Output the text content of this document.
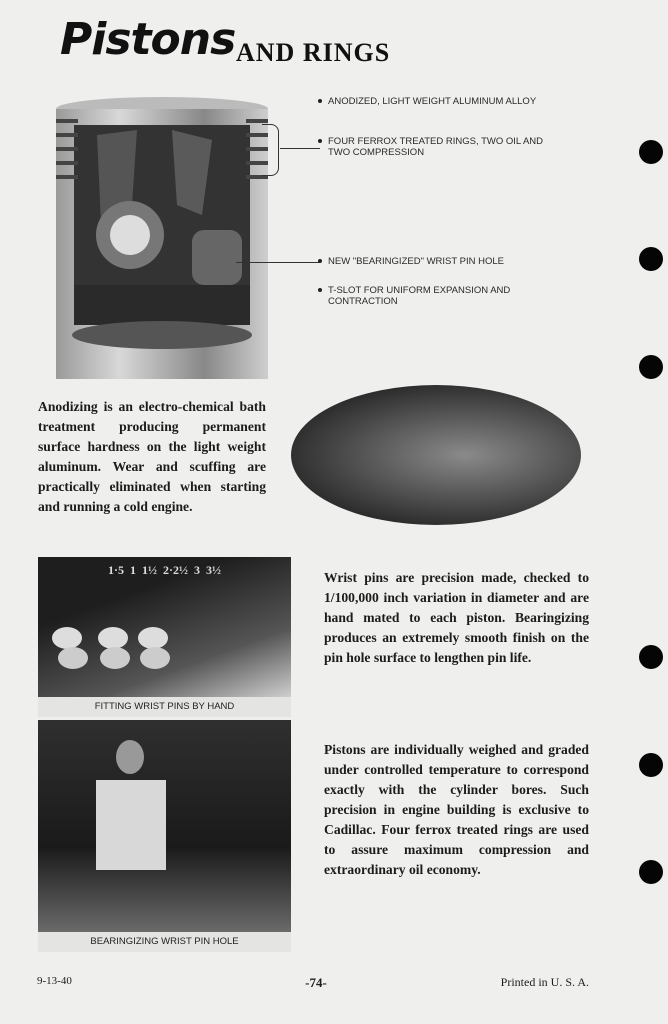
Pistons AND RINGS
ANODIZED, LIGHT WEIGHT ALUMINUM ALLOY
FOUR FERROX TREATED RINGS, TWO OIL AND TWO COMPRESSION
NEW "BEARINGIZED" WRIST PIN HOLE
T-SLOT FOR UNIFORM EXPANSION AND CONTRACTION
Anodizing is an electro-chemical bath treatment producing permanent surface hardness on the light weight aluminum. Wear and scuffing are practically eliminated when starting and running a cold engine.
1·5  1  1½  2·2½  3  3½
FITTING WRIST PINS BY HAND
BEARINGIZING WRIST PIN HOLE
Wrist pins are precision made, checked to 1/100,000 inch variation in diameter and are hand mated to each piston. Bearingizing produces an extremely smooth finish on the pin hole surface to lengthen pin life.
Pistons are individually weighed and graded under controlled temperature to correspond exactly with the cylinder bores. Such precision in engine building is exclusive to Cadillac. Four ferrox treated rings are used to assure maximum compression and extraordinary oil economy.
9-13-40	-74-	Printed in U. S. A.
